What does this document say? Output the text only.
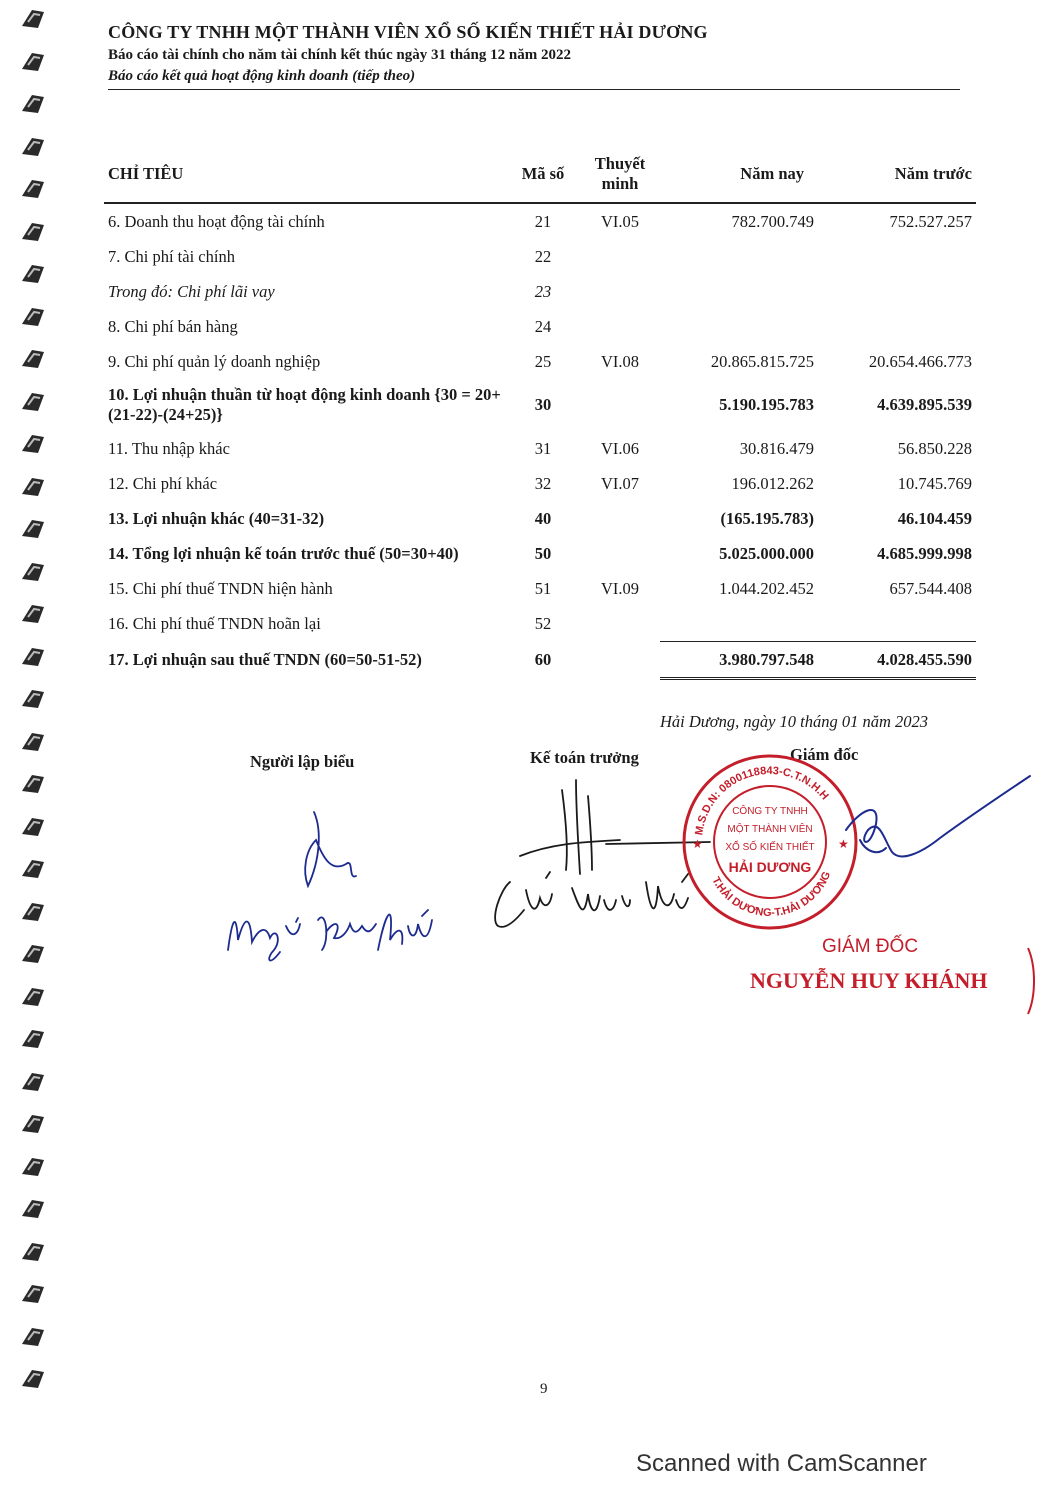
CÔNG TY TNHH MỘT THÀNH VIÊN XỔ SỐ KIẾN THIẾT HẢI DƯƠNG
Báo cáo tài chính cho năm tài chính kết thúc ngày 31 tháng 12 năm 2022
Báo cáo kết quả hoạt động kinh doanh (tiếp theo)
CHỈ TIÊU	Mã số	Thuyết minh	Năm nay	Năm trước
6. Doanh thu hoạt động tài chính	21	VI.05	782.700.749	752.527.257
7. Chi phí tài chính	22			
Trong đó: Chi phí lãi vay	23			
8. Chi phí bán hàng	24			
9. Chi phí quản lý doanh nghiệp	25	VI.08	20.865.815.725	20.654.466.773
10. Lợi nhuận thuần từ hoạt động kinh doanh {30 = 20+(21-22)-(24+25)}	30		5.190.195.783	4.639.895.539
11. Thu nhập khác	31	VI.06	30.816.479	56.850.228
12. Chi phí khác	32	VI.07	196.012.262	10.745.769
13. Lợi nhuận khác (40=31-32)	40		(165.195.783)	46.104.459
14. Tổng lợi nhuận kế toán trước thuế (50=30+40)	50		5.025.000.000	4.685.999.998
15. Chi phí thuế TNDN hiện hành	51	VI.09	1.044.202.452	657.544.408
16. Chi phí thuế TNDN hoãn lại	52			
17. Lợi nhuận sau thuế TNDN (60=50-51-52)	60		3.980.797.548	4.028.455.590
Hải Dương, ngày 10 tháng 01 năm 2023
Người lập biểu	Kế toán trưởng	Giám đốc
Nguyễn Kim Thanh
Chu Văn Thắng
M.S.D.N: 0800118843-C.T.N.H.H
T.HẢI DƯƠNG-T.HẢI DƯƠNG
CÔNG TY TNHH
MỘT THÀNH VIÊN
XỔ SỐ KIẾN THIẾT
HẢI DƯƠNG
★	★
GIÁM ĐỐC
NGUYỄN HUY KHÁNH
9
Scanned with CamScanner
